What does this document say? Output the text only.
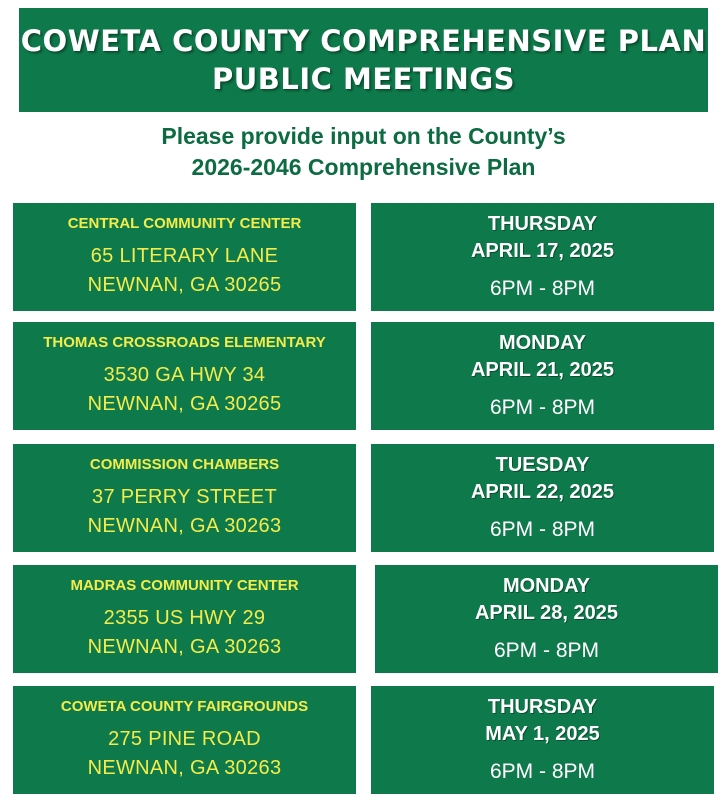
COWETA COUNTY COMPREHENSIVE PLAN
PUBLIC MEETINGS
Please provide input on the County’s
2026-2046 Comprehensive Plan
CENTRAL COMMUNITY CENTER
65 LITERARY LANE
NEWNAN, GA 30265
THURSDAY
APRIL 17, 2025
6PM - 8PM
THOMAS CROSSROADS ELEMENTARY
3530 GA HWY 34
NEWNAN, GA 30265
MONDAY
APRIL 21, 2025
6PM - 8PM
COMMISSION CHAMBERS
37 PERRY STREET
NEWNAN, GA 30263
TUESDAY
APRIL 22, 2025
6PM - 8PM
MADRAS COMMUNITY CENTER
2355 US HWY 29
NEWNAN, GA 30263
MONDAY
APRIL 28, 2025
6PM - 8PM
COWETA COUNTY FAIRGROUNDS
275 PINE ROAD
NEWNAN, GA 30263
THURSDAY
MAY 1, 2025
6PM - 8PM
